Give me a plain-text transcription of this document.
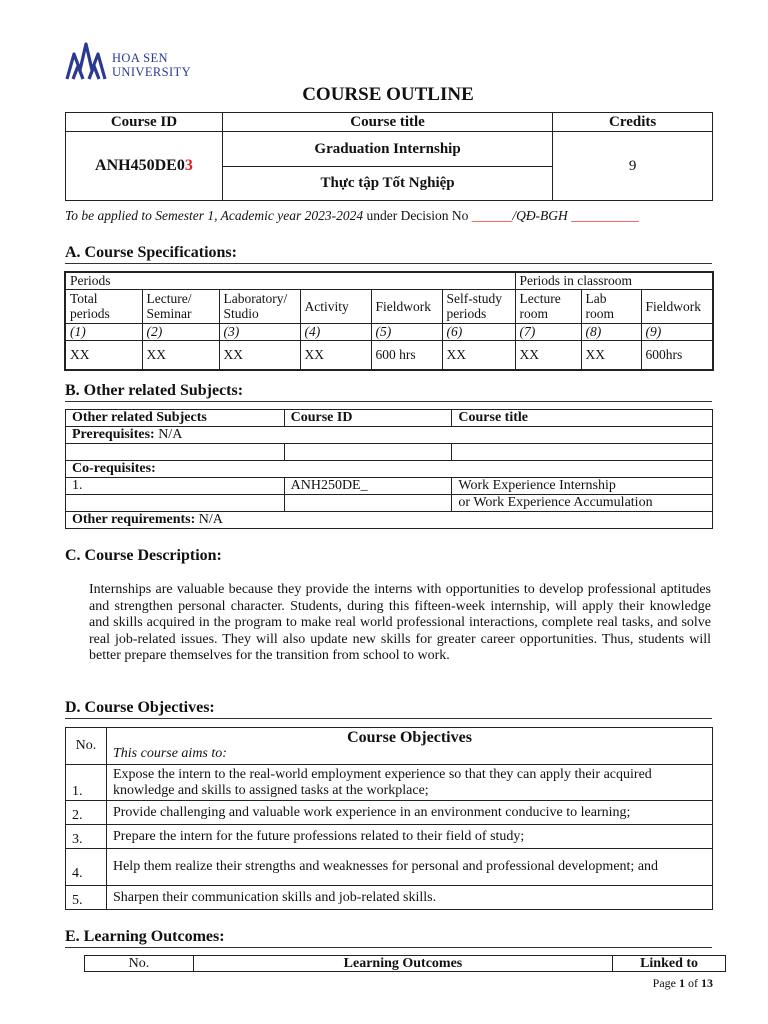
HOA SEN
UNIVERSITY
COURSE OUTLINE
Course ID	Course title	Credits
ANH450DE03	Graduation Internship	9
	Thực tập Tốt Nghiệp	
To be applied to Semester 1, Academic year 2023-2024 under Decision No ______/QĐ-BGH __________
A. Course Specifications:
Periods						Periods in classroom		
Total periods	Lecture/ Seminar	Laboratory/ Studio	Activity	Fieldwork	Self-study periods	Lecture room	Lab room	Fieldwork
(1)	(2)	(3)	(4)	(5)	(6)	(7)	(8)	(9)
XX	XX	XX	XX	600 hrs	XX	XX	XX	600hrs
B. Other related Subjects:
Other related Subjects	Course ID	Course title
Prerequisites: N/A		

Co-requisites:		
1.	ANH250DE_	Work Experience Internship
		or Work Experience Accumulation
Other requirements: N/A		
C. Course Description:
Internships are valuable because they provide the interns with opportunities to develop professional aptitudes and strengthen personal character. Students, during this fifteen-week internship, will apply their knowledge and skills acquired in the program to make real world professional interactions, complete real tasks, and solve real job-related issues. They will also update new skills for greater career opportunities. Thus, students will better prepare themselves for the transition from school to work.
D. Course Objectives:
No.	Course Objectives
This course aims to:

1.	Expose the intern to the real-world employment experience so that they can apply their acquired knowledge and skills to assigned tasks at the workplace;
2.	Provide challenging and valuable work experience in an environment conducive to learning;
3.	Prepare the intern for the future professions related to their field of study;
4.	Help them realize their strengths and weaknesses for personal and professional development; and
5.	Sharpen their communication skills and job-related skills.
E. Learning Outcomes:
No.	Learning Outcomes	Linked to
Page 1 of 13
